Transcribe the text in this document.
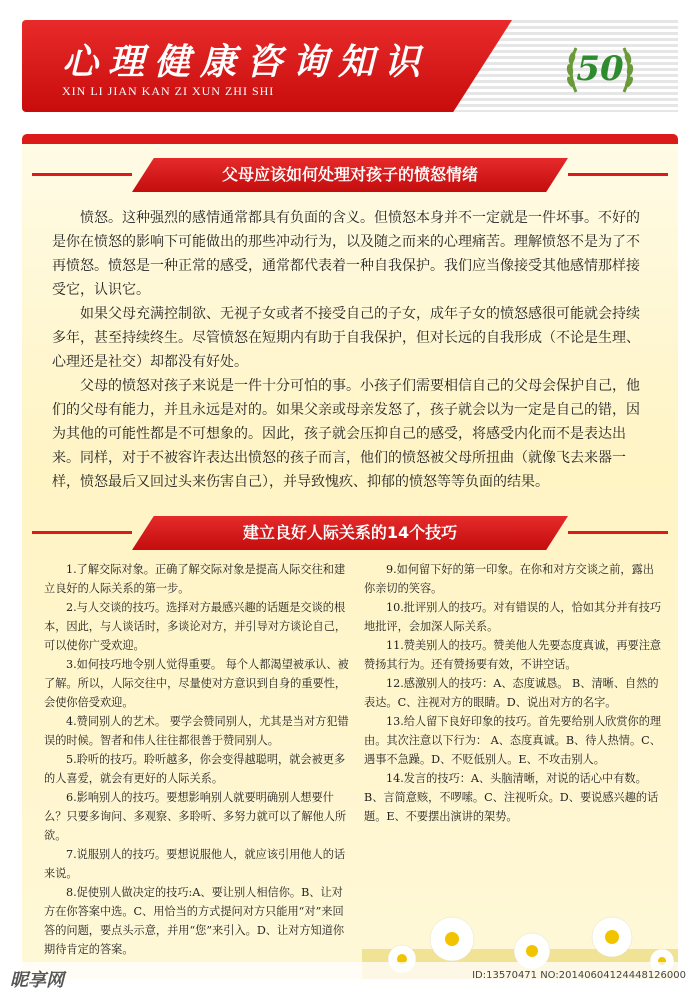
心理健康咨询知识
XIN LI JIAN KAN ZI XUN ZHI SHI
50
父母应该如何处理对孩子的愤怒情绪
愤怒。这种强烈的感情通常都具有负面的含义。但愤怒本身并不一定就是一件坏事。不好的是你在愤怒的影响下可能做出的那些冲动行为，以及随之而来的心理痛苦。理解愤怒不是为了不再愤怒。愤怒是一种正常的感受，通常都代表着一种自我保护。我们应当像接受其他感情那样接受它，认识它。
如果父母充满控制欲、无视子女或者不接受自己的子女，成年子女的愤怒感很可能就会持续多年，甚至持续终生。尽管愤怒在短期内有助于自我保护，但对长远的自我形成（不论是生理、心理还是社交）却都没有好处。
父母的愤怒对孩子来说是一件十分可怕的事。小孩子们需要相信自己的父母会保护自己，他们的父母有能力，并且永远是对的。如果父亲或母亲发怒了，孩子就会以为一定是自己的错，因为其他的可能性都是不可想象的。因此，孩子就会压抑自己的感受，将感受内化而不是表达出来。同样，对于不被容许表达出愤怒的孩子而言，他们的愤怒被父母所扭曲（就像飞去来器一样，愤怒最后又回过头来伤害自己），并导致愧疚、抑郁的愤怒等等负面的结果。
建立良好人际关系的14个技巧

1.了解交际对象。正确了解交际对象是提高人际交往和建立良好的人际关系的第一步。

2.与人交谈的技巧。选择对方最感兴趣的话题是交谈的根本，因此，与人谈话时，多谈论对方，并引导对方谈论自己，可以使你广受欢迎。

3.如何技巧地令别人觉得重要。 每个人都渴望被承认、被了解。所以，人际交往中，尽量使对方意识到自身的重要性，会使你倍受欢迎。

4.赞同别人的艺术。 要学会赞同别人，尤其是当对方犯错误的时候。智者和伟人往往都很善于赞同别人。

5.聆听的技巧。聆听越多，你会变得越聪明，就会被更多的人喜爱，就会有更好的人际关系。

6.影响别人的技巧。要想影响别人就要明确别人想要什么？只要多询问、多观察、多聆听、多努力就可以了解他人所欲。

7.说服别人的技巧。要想说服他人，就应该引用他人的话来说。

8.促使别人做决定的技巧:A、要让别人相信你。B、让对方在你答案中选。C、用恰当的方式提问对方只能用“对”来回答的问题，要点头示意，并用“您”来引入。D、让对方知道你期待肯定的答案。

9.如何留下好的第一印象。在你和对方交谈之前，露出你亲切的笑容。

10.批评别人的技巧。对有错误的人，恰如其分并有技巧地批评，会加深人际关系。

11.赞美别人的技巧。赞美他人先要态度真诚，再要注意赞扬其行为。还有赞扬要有效，不讲空话。

12.感激别人的技巧：A、态度诚恳。 B、清晰、自然的表达。C、注视对方的眼睛。D、说出对方的名字。

13.给人留下良好印象的技巧。首先要给别人欣赏你的理由。其次注意以下行为： A、态度真诚。B、待人热情。C、遇事不急躁。D、不贬低别人。E、不攻击别人。

14.发言的技巧：A、头脑清晰，对说的话心中有数。B、言简意赅，不啰嗦。C、注视听众。D、要说感兴趣的话题。E、不要摆出演讲的架势。

昵享网	ID:13570471 NO:20140604124448126000
